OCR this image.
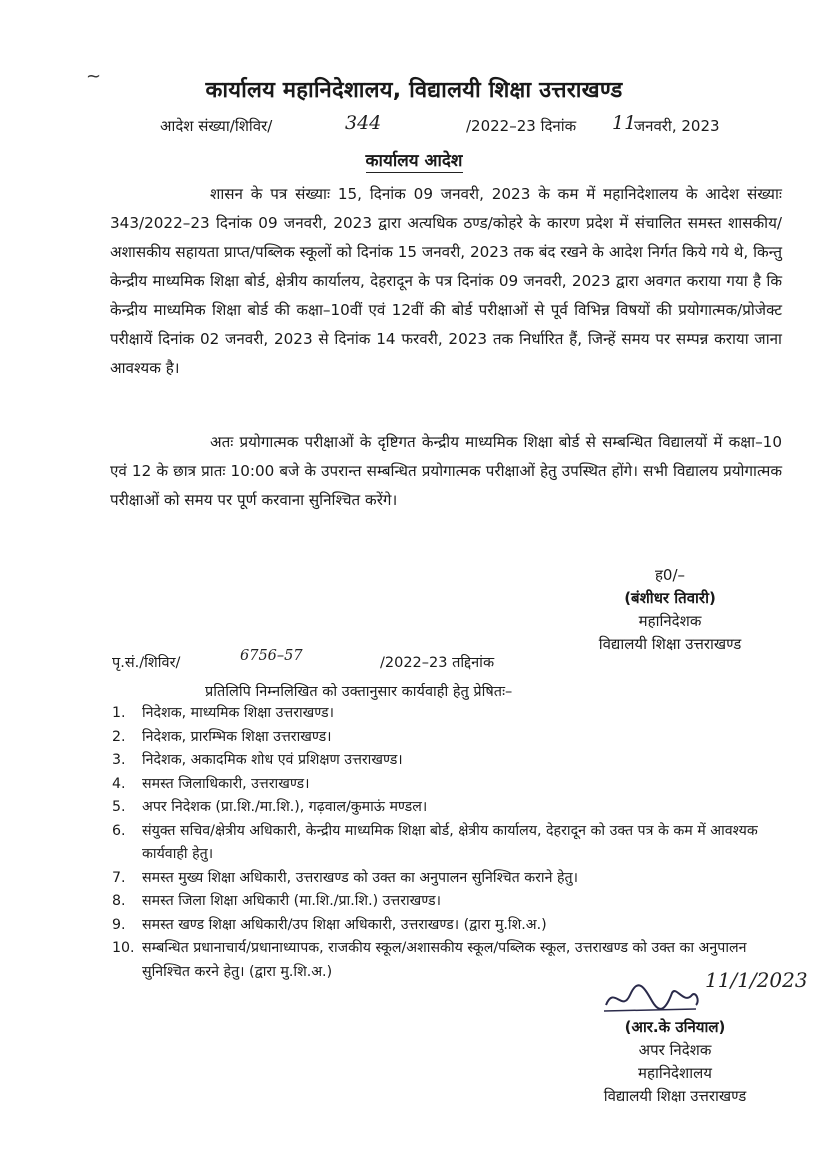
~
कार्यालय महानिदेशालय, विद्यालयी शिक्षा उत्तराखण्ड
आदेश संख्या/शिविर/	344	/2022–23 दिनांक 11
जनवरी, 2023
कार्यालय आदेश

शासन के पत्र संख्याः 15, दिनांक 09 जनवरी, 2023 के कम में महानिदेशालय के आदेश संख्याः 343/2022–23 दिनांक 09 जनवरी, 2023 द्वारा अत्यधिक ठण्ड/कोहरे के कारण प्रदेश में संचालित समस्त शासकीय/अशासकीय सहायता प्राप्त/पब्लिक स्कूलों को दिनांक 15 जनवरी, 2023 तक बंद रखने के आदेश निर्गत किये गये थे, किन्तु केन्द्रीय माध्यमिक शिक्षा बोर्ड, क्षेत्रीय कार्यालय, देहरादून के पत्र दिनांक 09 जनवरी, 2023 द्वारा अवगत कराया गया है कि केन्द्रीय माध्यमिक शिक्षा बोर्ड की कक्षा–10वीं एवं 12वीं की बोर्ड परीक्षाओं से पूर्व विभिन्न विषयों की प्रयोगात्मक/प्रोजेक्ट परीक्षायें दिनांक 02 जनवरी, 2023 से दिनांक 14 फरवरी, 2023 तक निर्धारित हैं, जिन्हें समय पर सम्पन्न कराया जाना आवश्यक है।

अतः प्रयोगात्मक परीक्षाओं के दृष्टिगत केन्द्रीय माध्यमिक शिक्षा बोर्ड से सम्बन्धित विद्यालयों में कक्षा–10 एवं 12 के छात्र प्रातः 10:00 बजे के उपरान्त सम्बन्धित प्रयोगात्मक परीक्षाओं हेतु उपस्थित होंगे। सभी विद्यालय प्रयोगात्मक परीक्षाओं को समय पर पूर्ण करवाना सुनिश्चित करेंगे।

ह0/–
(बंशीधर तिवारी)
महानिदेशक
विद्यालयी शिक्षा उत्तराखण्ड
पृ.सं./शिविर/	6756–57	/2022–23 तद्दिनांक
प्रतिलिपि निम्नलिखित को उक्तानुसार कार्यवाही हेतु प्रेषितः–
1.	निदेशक, माध्यमिक शिक्षा उत्तराखण्ड।
2.	निदेशक, प्रारम्भिक शिक्षा उत्तराखण्ड।
3.	निदेशक, अकादमिक शोध एवं प्रशिक्षण उत्तराखण्ड।
4.	समस्त जिलाधिकारी, उत्तराखण्ड।
5.	अपर निदेशक (प्रा.शि./मा.शि.), गढ़वाल/कुमाऊं मण्डल।
6.	संयुक्त सचिव/क्षेत्रीय अधिकारी, केन्द्रीय माध्यमिक शिक्षा बोर्ड, क्षेत्रीय कार्यालय, देहरादून को उक्त पत्र के कम में आवश्यक कार्यवाही हेतु।
7.	समस्त मुख्य शिक्षा अधिकारी, उत्तराखण्ड को उक्त का अनुपालन सुनिश्चित कराने हेतु।
8.	समस्त जिला शिक्षा अधिकारी (मा.शि./प्रा.शि.) उत्तराखण्ड।
9.	समस्त खण्ड शिक्षा अधिकारी/उप शिक्षा अधिकारी, उत्तराखण्ड। (द्वारा मु.शि.अ.)
10. सम्बन्धित प्रधानाचार्य/प्रधानाध्यापक, राजकीय स्कूल/अशासकीय स्कूल/पब्लिक स्कूल, उत्तराखण्ड को उक्त का अनुपालन सुनिश्चित करने हेतु। (द्वारा मु.शि.अ.)	11/1/2023
(आर.के उनियाल)
अपर निदेशक
महानिदेशालय
विद्यालयी शिक्षा उत्तराखण्ड
